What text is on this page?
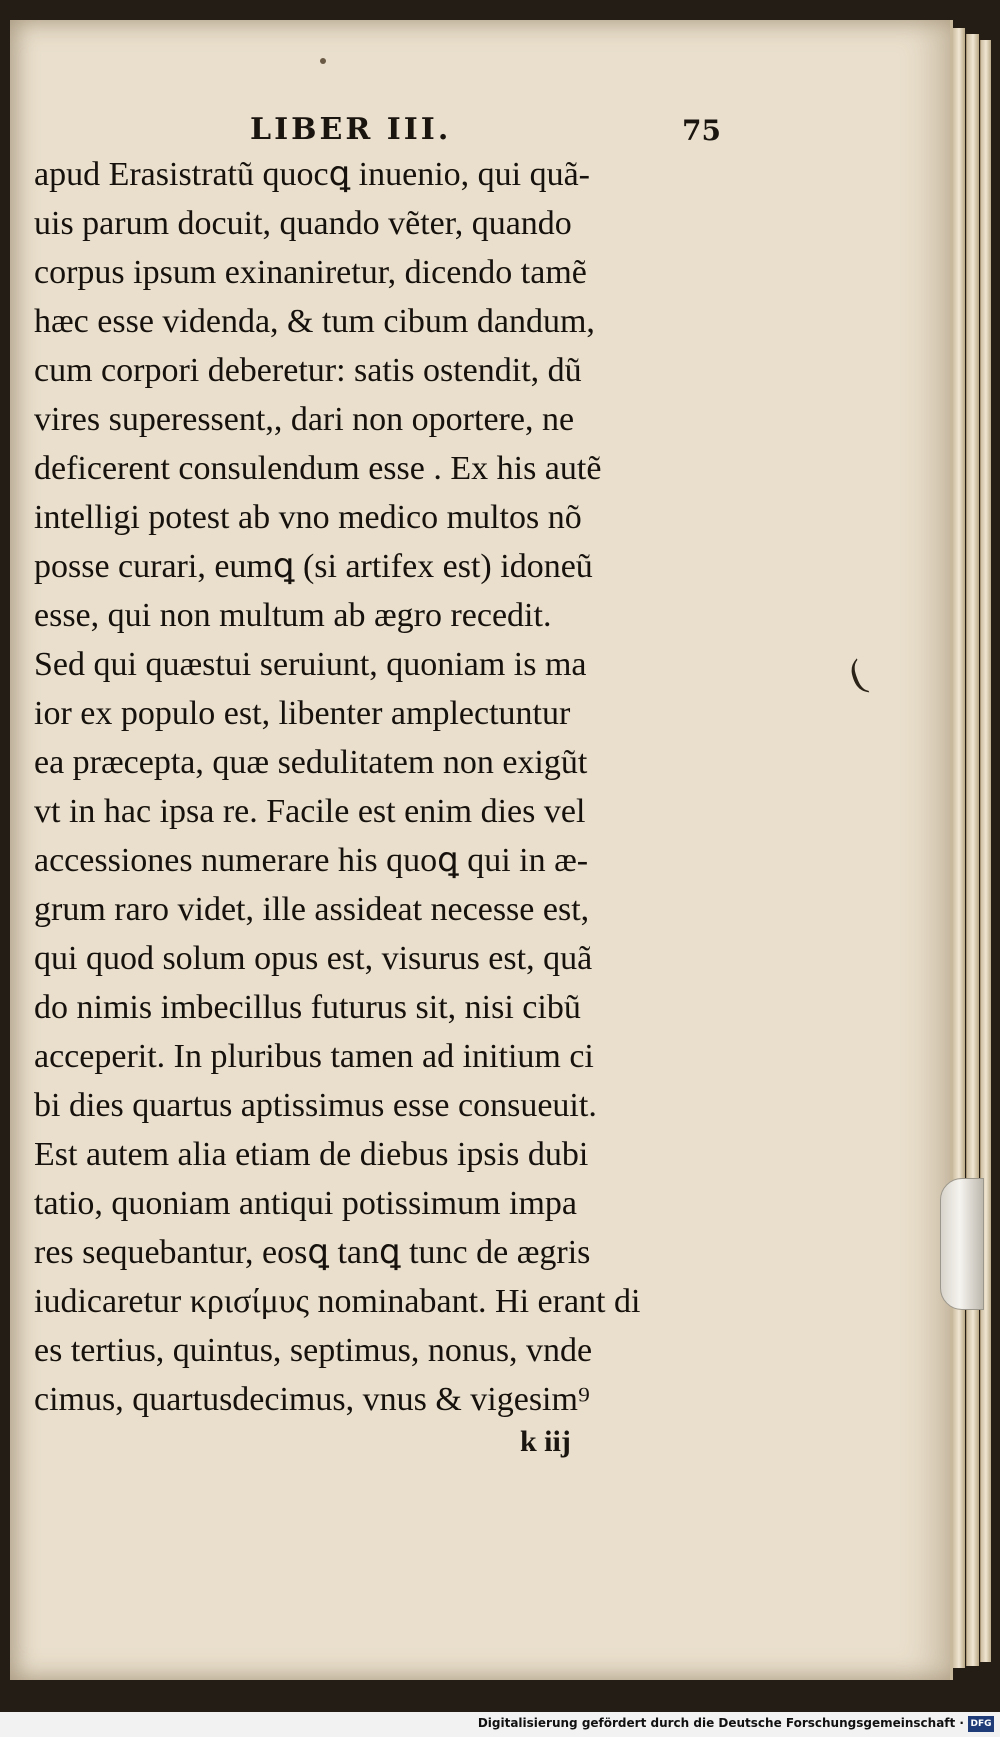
LIBER III.	75
apud Erasistratũ quocꝗ inuenio, qui quã-
uis parum docuit, quando vẽter, quando
corpus ipsum exinaniretur, dicendo tamẽ
hæc esse videnda, & tum cibum dandum,
cum corpori deberetur: satis ostendit, dũ
vires superessent,, dari non oportere, ne
deficerent consulendum esse . Ex his autẽ
intelligi potest ab vno medico multos nõ
posse curari, eumꝗ (si artifex est) idoneũ
esse, qui non multum ab ægro recedit.
Sed qui quæstui seruiunt, quoniam is ma
ior ex populo est, libenter amplectuntur
ea præcepta, quæ sedulitatem non exigũt
vt in hac ipsa re. Facile est enim dies vel
accessiones numerare his quoꝗ qui in æ-
grum raro videt, ille assideat necesse est,
qui quod solum opus est, visurus est, quã
do nimis imbecillus futurus sit, nisi cibũ
acceperit. In pluribus tamen ad initium ci
bi dies quartus aptissimus esse consueuit.
Est autem alia etiam de diebus ipsis dubi
tatio, quoniam antiqui potissimum impa
res sequebantur, eosꝗ tanꝗ tunc de ægris
iudicaretur κρισίμυς nominabant. Hi erant di
es tertius, quintus, septimus, nonus, vnde
cimus, quartusdecimus, vnus & vigesim⁹
(
k iij
Digitalisierung gefördert durch die Deutsche Forschungsgemeinschaft · DFG
